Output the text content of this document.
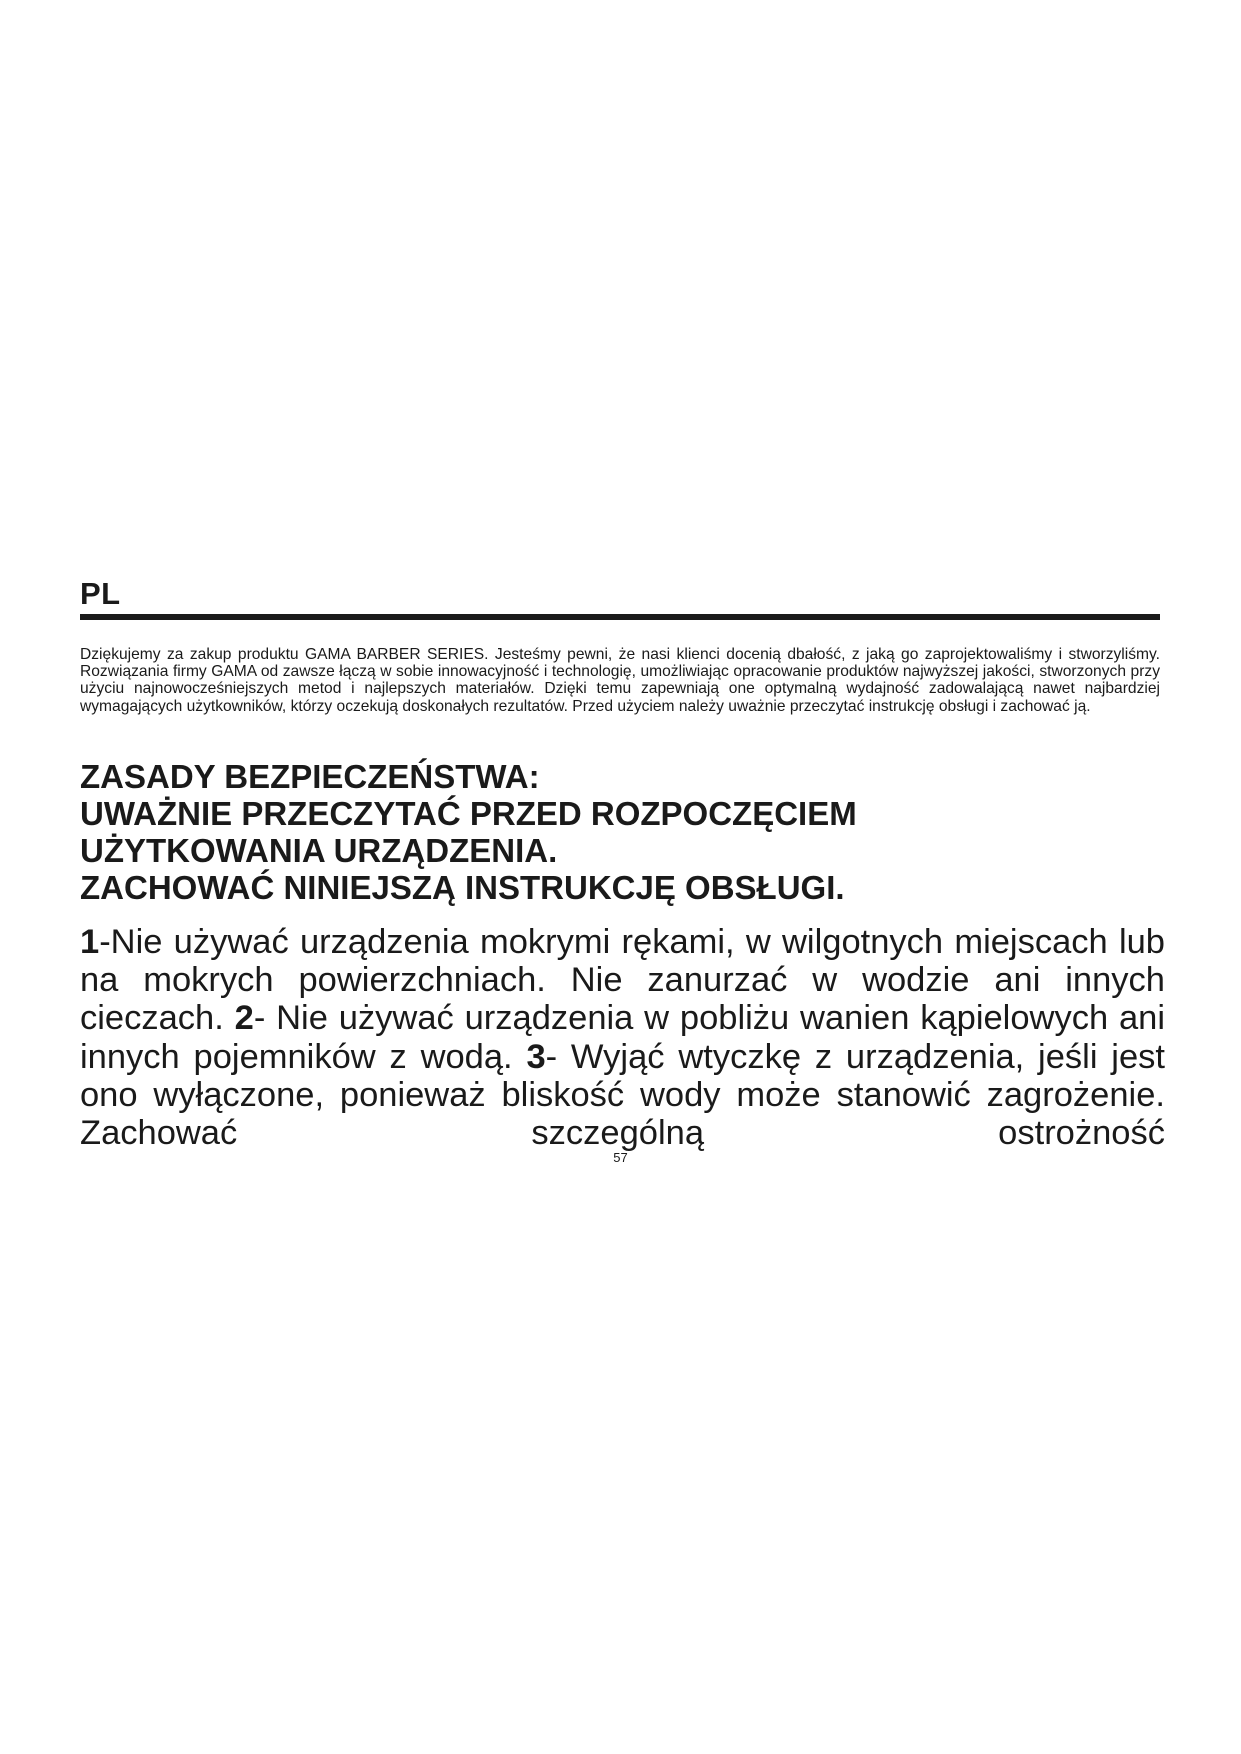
PL

Dziękujemy za zakup produktu GAMA BARBER SERIES. Jesteśmy pewni, że nasi klienci docenią dbałość, z jaką go zaprojektowaliśmy i stworzyliśmy. Rozwiązania firmy GAMA od zawsze łączą w sobie innowacyjność i technologię, umożliwiając opracowanie produktów najwyższej jakości, stworzonych przy użyciu najnowocześniejszych metod i najlepszych materiałów. Dzięki temu zapewniają one optymalną wydajność zadowalającą nawet najbardziej wymagających użytkowników, którzy oczekują doskonałych rezultatów. Przed użyciem należy uważnie przeczytać instrukcję obsługi i zachować ją.

ZASADY BEZPIECZEŃSTWA:
UWAŻNIE PRZECZYTAĆ PRZED ROZPOCZĘCIEM
UŻYTKOWANIA URZĄDZENIA.
ZACHOWAĆ NINIEJSZĄ INSTRUKCJĘ OBSŁUGI.

1-Nie używać urządzenia mokrymi rękami, w wilgotnych miejscach lub na mokrych powierzchniach. Nie zanurzać w wodzie ani innych cieczach. 2- Nie używać urządzenia w pobliżu wanien kąpielowych ani innych pojemników z wodą. 3- Wyjąć wtyczkę z urządzenia, jeśli jest ono wyłączone, ponieważ bliskość wody może stanowić zagrożenie. Zachować szczególną ostrożność

57
